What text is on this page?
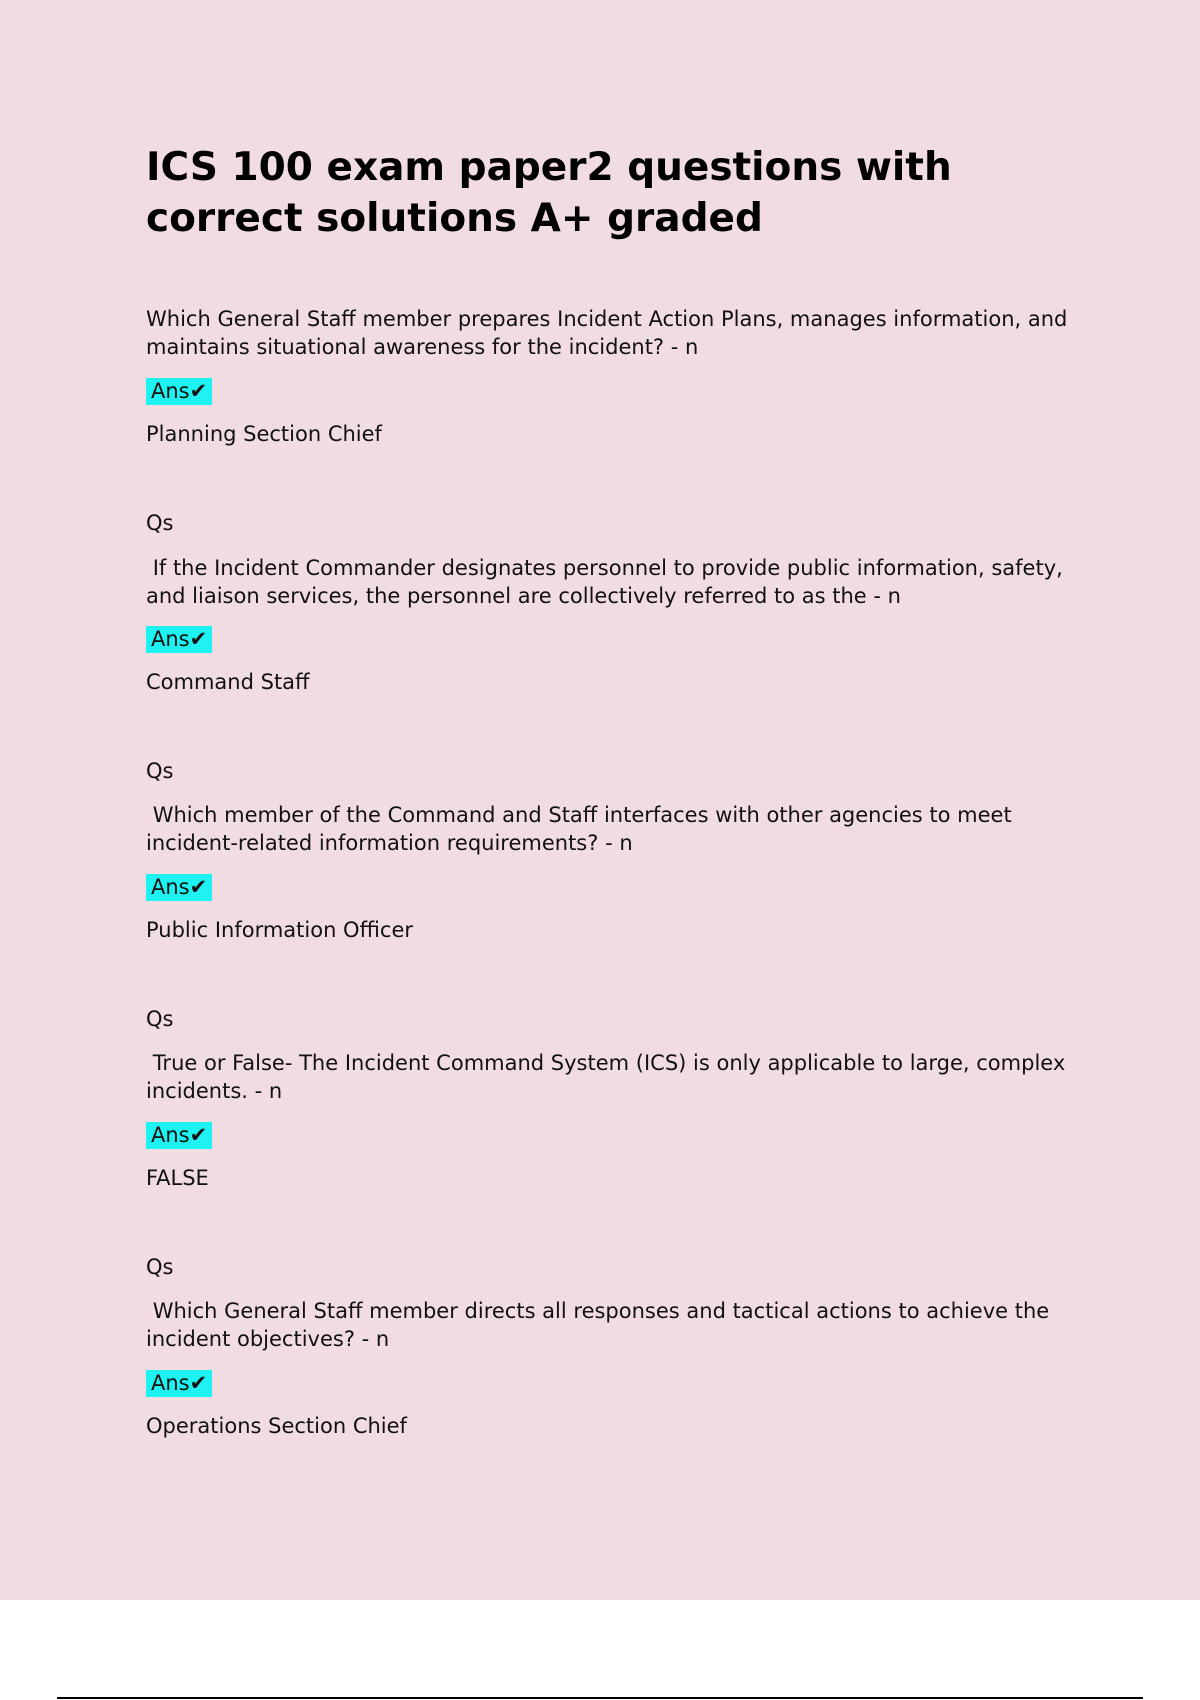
ICS 100 exam paper2 questions with correct solutions A+ graded

Which General Staff member prepares Incident Action Plans, manages information, and maintains situational awareness for the incident? - n

Ans✔

Planning Section Chief

Qs

If the Incident Commander designates personnel to provide public information, safety, and liaison services, the personnel are collectively referred to as the - n

Ans✔

Command Staff

Qs

Which member of the Command and Staff interfaces with other agencies to meet incident-related information requirements? - n

Ans✔

Public Information Officer

Qs

True or False- The Incident Command System (ICS) is only applicable to large, complex incidents. - n

Ans✔

FALSE

Qs

Which General Staff member directs all responses and tactical actions to achieve the incident objectives? - n

Ans✔

Operations Section Chief
